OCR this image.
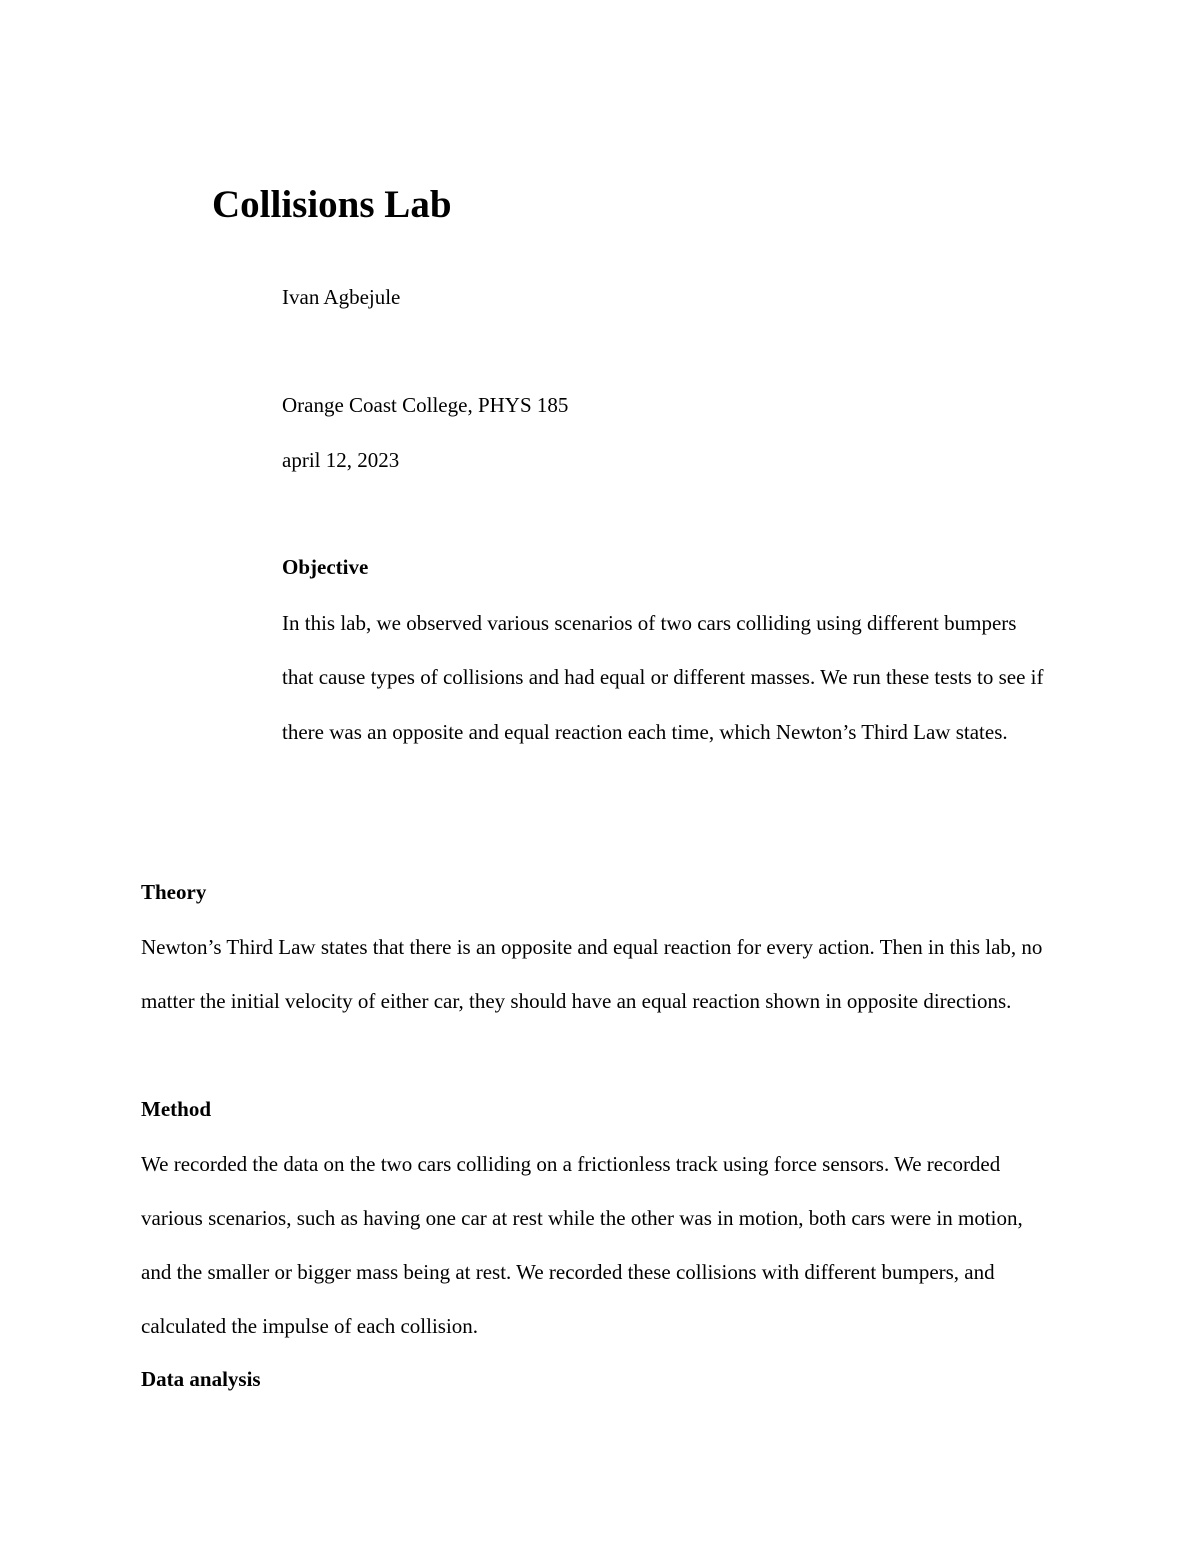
Collisions Lab

Ivan Agbejule

Orange Coast College, PHYS 185

april 12, 2023

Objective

In this lab, we observed various scenarios of two cars colliding using different bumpers that cause types of collisions and had equal or different masses. We run these tests to see if there was an opposite and equal reaction each time, which Newton’s Third Law states.

Theory

Newton’s Third Law states that there is an opposite and equal reaction for every action. Then in this lab, no matter the initial velocity of either car, they should have an equal reaction shown in opposite directions.

Method

We recorded the data on the two cars colliding on a frictionless track using force sensors. We recorded various scenarios, such as having one car at rest while the other was in motion, both cars were in motion, and the smaller or bigger mass being at rest. We recorded these collisions with different bumpers, and calculated the impulse of each collision.

Data analysis
